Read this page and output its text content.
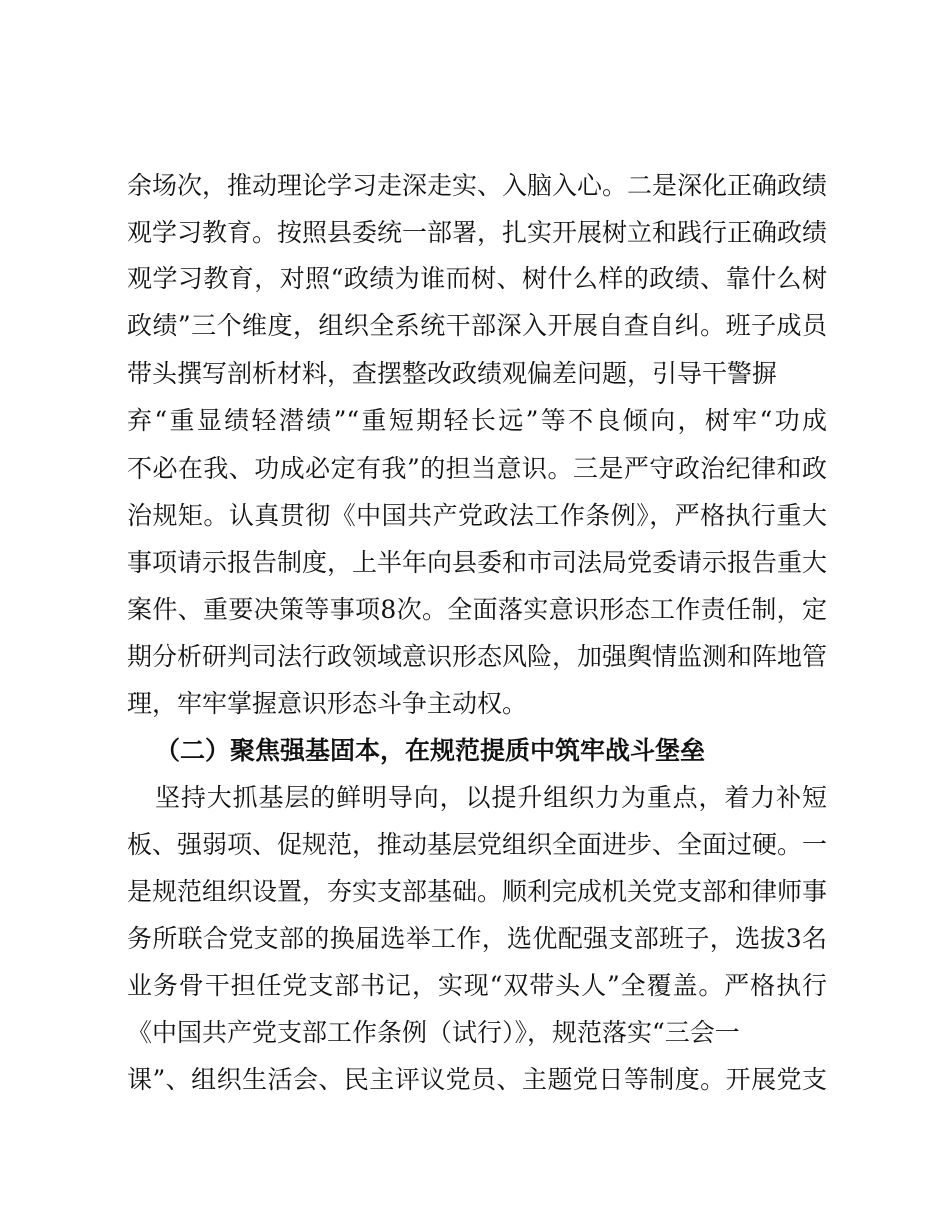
余场次，推动理论学习走深走实、入脑入心。二是深化正确政绩
观学习教育。按照县委统一部署，扎实开展树立和践行正确政绩
观学习教育，对照“政绩为谁而树、树什么样的政绩、靠什么树
政绩”三个维度，组织全系统干部深入开展自查自纠。班子成员
带头撰写剖析材料，查摆整改政绩观偏差问题，引导干警摒
弃“重显绩轻潜绩”“重短期轻长远”等不良倾向，树牢“功成
不必在我、功成必定有我”的担当意识。三是严守政治纪律和政
治规矩。认真贯彻《中国共产党政法工作条例》，严格执行重大
事项请示报告制度，上半年向县委和市司法局党委请示报告重大
案件、重要决策等事项8次。全面落实意识形态工作责任制，定
期分析研判司法行政领域意识形态风险，加强舆情监测和阵地管
理，牢牢掌握意识形态斗争主动权。
（二）聚焦强基固本，在规范提质中筑牢战斗堡垒
坚持大抓基层的鲜明导向，以提升组织力为重点，着力补短
板、强弱项、促规范，推动基层党组织全面进步、全面过硬。一
是规范组织设置，夯实支部基础。顺利完成机关党支部和律师事
务所联合党支部的换届选举工作，选优配强支部班子，选拔3名
业务骨干担任党支部书记，实现“双带头人”全覆盖。严格执行
《中国共产党支部工作条例（试行）》，规范落实“三会一
课”、组织生活会、民主评议党员、主题党日等制度。开展党支
